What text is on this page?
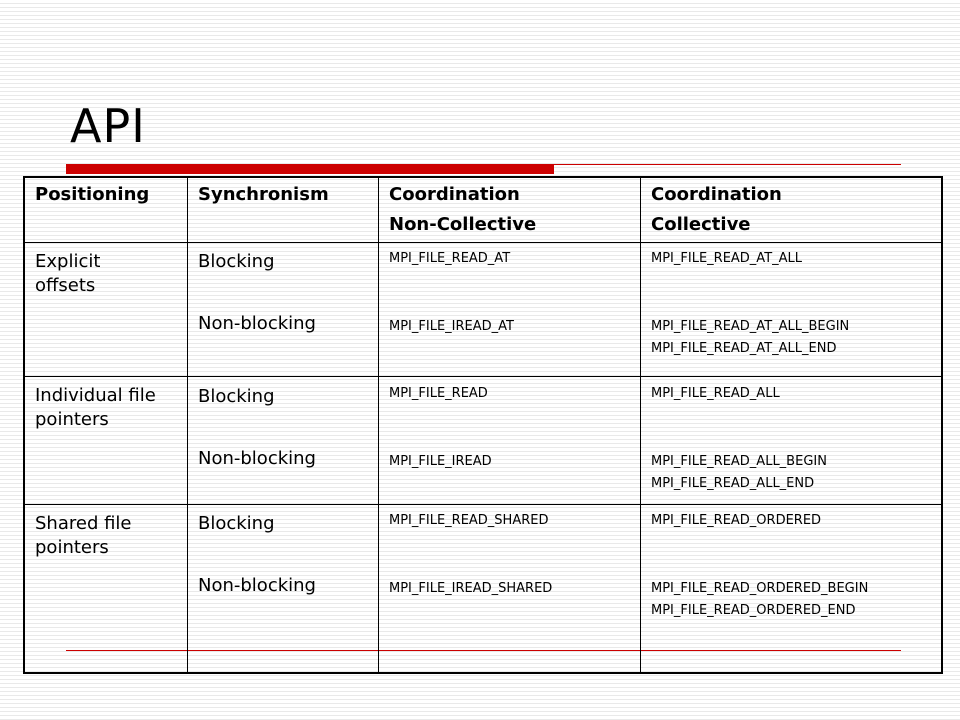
API
Positioning	Synchronism	Coordination
Non-Collective
Coordination
Collective
Explicit offsets
Blocking
Non-blocking
MPI_FILE_READ_AT
MPI_FILE_IREAD_AT
MPI_FILE_READ_AT_ALL
MPI_FILE_READ_AT_ALL_BEGIN
MPI_FILE_READ_AT_ALL_END
Individual file pointers
Blocking
Non-blocking
MPI_FILE_READ
MPI_FILE_IREAD
MPI_FILE_READ_ALL
MPI_FILE_READ_ALL_BEGIN
MPI_FILE_READ_ALL_END
Shared file pointers
Blocking
Non-blocking
MPI_FILE_READ_SHARED
MPI_FILE_IREAD_SHARED
MPI_FILE_READ_ORDERED
MPI_FILE_READ_ORDERED_BEGIN
MPI_FILE_READ_ORDERED_END
